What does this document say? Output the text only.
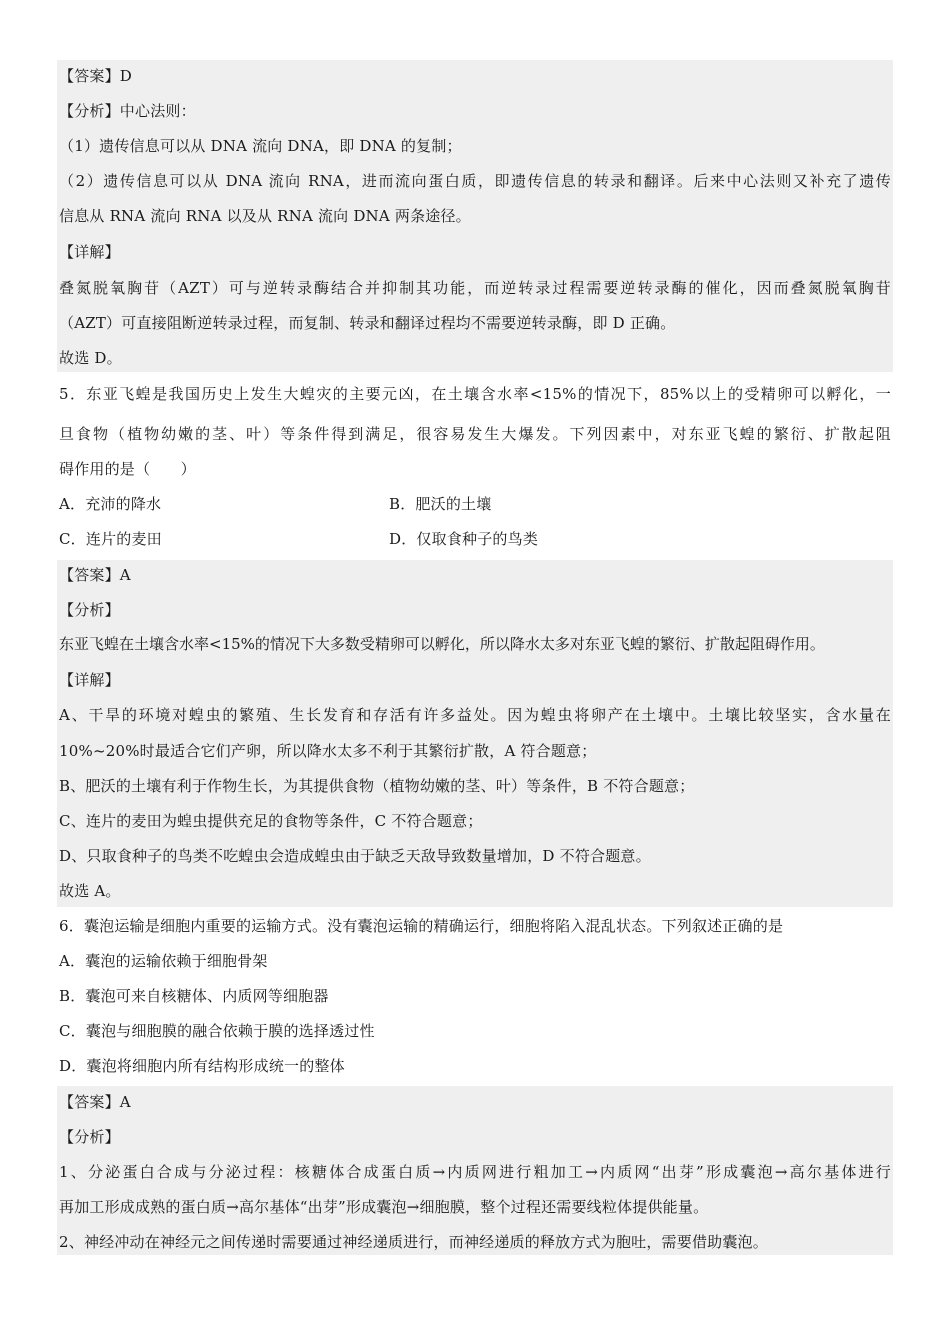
【答案】D
【分析】中心法则：
（1）遗传信息可以从 DNA 流向 DNA，即 DNA 的复制；
（2）遗传信息可以从 DNA 流向 RNA，进而流向蛋白质，即遗传信息的转录和翻译。后来中心法则又补充了遗传
信息从 RNA 流向 RNA 以及从 RNA 流向 DNA 两条途径。
【详解】
叠氮脱氧胸苷（AZT）可与逆转录酶结合并抑制其功能，而逆转录过程需要逆转录酶的催化，因而叠氮脱氧胸苷
（AZT）可直接阻断逆转录过程，而复制、转录和翻译过程均不需要逆转录酶，即 D 正确。
故选 D。
5．东亚飞蝗是我国历史上发生大蝗灾的主要元凶，在土壤含水率<15%的情况下，85%以上的受精卵可以孵化，一
旦食物（植物幼嫩的茎、叶）等条件得到满足，很容易发生大爆发。下列因素中，对东亚飞蝗的繁衍、扩散起阻
碍作用的是（　　）
A．充沛的降水	B．肥沃的土壤
C．连片的麦田	D．仅取食种子的鸟类
【答案】A
【分析】
东亚飞蝗在土壤含水率<15%的情况下大多数受精卵可以孵化，所以降水太多对东亚飞蝗的繁衍、扩散起阻碍作用。
【详解】
A、干旱的环境对蝗虫的繁殖、生长发育和存活有许多益处。因为蝗虫将卵产在土壤中。土壤比较坚实，含水量在
10%~20%时最适合它们产卵，所以降水太多不利于其繁衍扩散，A 符合题意；
B、肥沃的土壤有利于作物生长，为其提供食物（植物幼嫩的茎、叶）等条件，B 不符合题意；
C、连片的麦田为蝗虫提供充足的食物等条件，C 不符合题意；
D、只取食种子的鸟类不吃蝗虫会造成蝗虫由于缺乏天敌导致数量增加，D 不符合题意。
故选 A。
6．囊泡运输是细胞内重要的运输方式。没有囊泡运输的精确运行，细胞将陷入混乱状态。下列叙述正确的是
A．囊泡的运输依赖于细胞骨架
B．囊泡可来自核糖体、内质网等细胞器
C．囊泡与细胞膜的融合依赖于膜的选择透过性
D．囊泡将细胞内所有结构形成统一的整体
【答案】A
【分析】
1、分泌蛋白合成与分泌过程：核糖体合成蛋白质→内质网进行粗加工→内质网“出芽”形成囊泡→高尔基体进行
再加工形成成熟的蛋白质→高尔基体“出芽”形成囊泡→细胞膜，整个过程还需要线粒体提供能量。
2、神经冲动在神经元之间传递时需要通过神经递质进行，而神经递质的释放方式为胞吐，需要借助囊泡。
